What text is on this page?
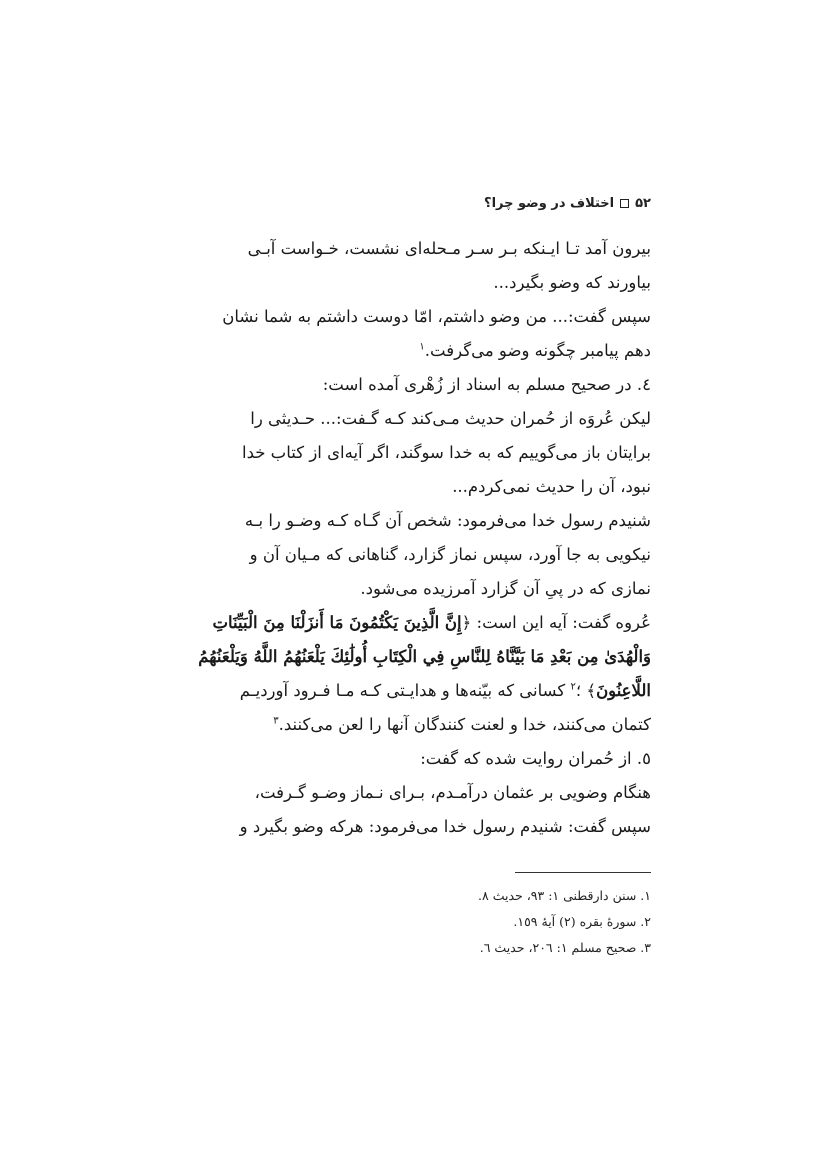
۵۲
اختلاف در وضو چرا؟
بیرون آمد تـا ایـنکه بـر سـر مـحله‌ای نشست، خـواست آبـی
بیاورند که وضو بگیرد...
سپس گفت:... من وضو داشتم، امّا دوست داشتم به شما نشان
دهم پیامبر چگونه وضو می‌گرفت.$^١$
٤. در صحیح مسلم به اسناد از زُهْری آمده است:
لیکن عُروَه از حُمران حدیث مـی‌کند کـه گـفت:... حـدیثی را
برایتان باز می‌گوییم که به خدا سوگند، اگر آیه‌ای از کتاب خدا
نبود، آن را حدیث نمی‌کردم...
شنیدم رسول خدا می‌فرمود: شخص آن گـاه کـه وضـو را بـه
نیکویی به جا آورد، سپس نماز گزارد، گناهانی که مـیان آن و
نمازی که در پیِ آن گزارد آمرزیده می‌شود.
عُروه گفت: آیه این است: ﴿إِنَّ الَّذِينَ يَكْتُمُونَ مَا أَنزَلْنَا مِنَ الْبَيِّنَاتِ
وَالْهُدَىٰ مِن بَعْدِ مَا بَيَّنَّاهُ لِلنَّاسِ فِي الْكِتَابِ أُولَٰئِكَ يَلْعَنُهُمُ اللَّهُ وَيَلْعَنُهُمُ
اللَّاعِنُونَ﴾ ؛$^٢$ کسانی که بیّنه‌ها و هدایـتی کـه مـا فـرود آوردیـم
کتمان می‌کنند، خدا و لعنت کنندگان آنها را لعن می‌کنند.$^٣$
٥. از حُمران روایت شده که گفت:
هنگام وضویی بر عثمان درآمـدم، بـرای نـماز وضـو گـرفت،
سپس گفت: شنیدم رسول خدا می‌فرمود: هرکه وضو بگیرد و
١. سنن دارقطنی ١: ٩٣، حدیث ٨.
٢. سورهٔ بقره (٢) آیهٔ ١٥٩.
٣. صحیح مسلم ١: ٢٠٦، حدیث ٦.
